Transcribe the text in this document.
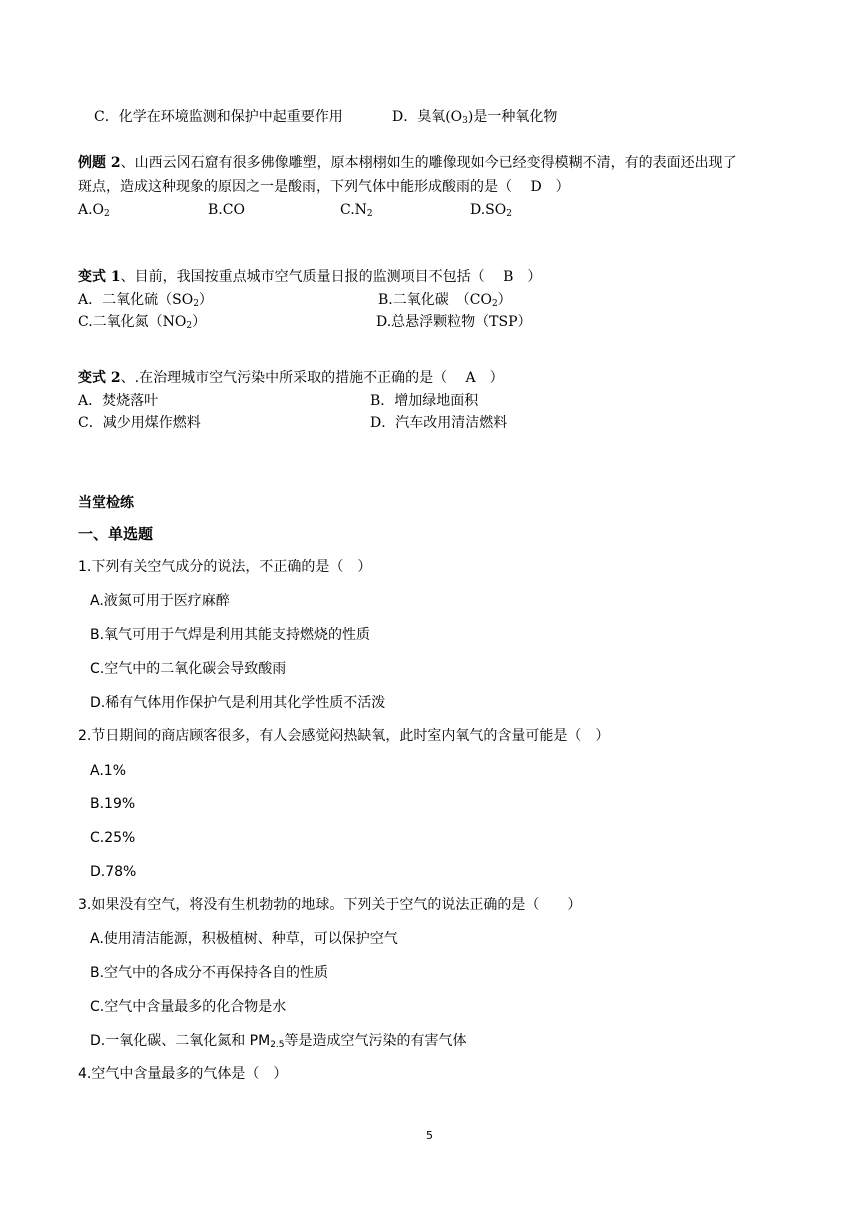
C．化学在环境监测和保护中起重要作用	D．臭氧$(O_3)$是一种氧化物
例题 2、山西云冈石窟有很多佛像雕塑，原本栩栩如生的雕像现如今已经变得模糊不清，有的表面还出现了
斑点，造成这种现象的原因之一是酸雨，下列气体中能形成酸雨的是（　 D　）
$A.O_2$	B.CO	$C.N_2$	$D.SO_2$
变式 1、目前，我国按重点城市空气质量日报的监测项目不包括（　 B　）
A．二氧化硫$(SO_2)$	B.二氧化碳　$(CO_2)$
C.二氧化氮$(NO_2)$	D.总悬浮颗粒物（TSP）
变式 2、.在治理城市空气污染中所采取的措施不正确的是（　 A　）
A．焚烧落叶	B．增加绿地面积
C．减少用煤作燃料	D．汽车改用清洁燃料
当堂检练
一、单选题
1.下列有关空气成分的说法，不正确的是（　）
A.液氮可用于医疗麻醉
B.氧气可用于气焊是利用其能支持燃烧的性质
C.空气中的二氧化碳会导致酸雨
D.稀有气体用作保护气是利用其化学性质不活泼
2.节日期间的商店顾客很多，有人会感觉闷热缺氧，此时室内氧气的含量可能是（　）
A.1%
B.19%
C.25%
D.78%
3.如果没有空气，将没有生机勃勃的地球。下列关于空气的说法正确的是（　　）
A.使用清洁能源，积极植树、种草，可以保护空气
B.空气中的各成分不再保持各自的性质
C.空气中含量最多的化合物是水
D.一氧化碳、二氧化氮和 $PM_{2.5}$等是造成空气污染的有害气体
4.空气中含量最多的气体是（　）
5
